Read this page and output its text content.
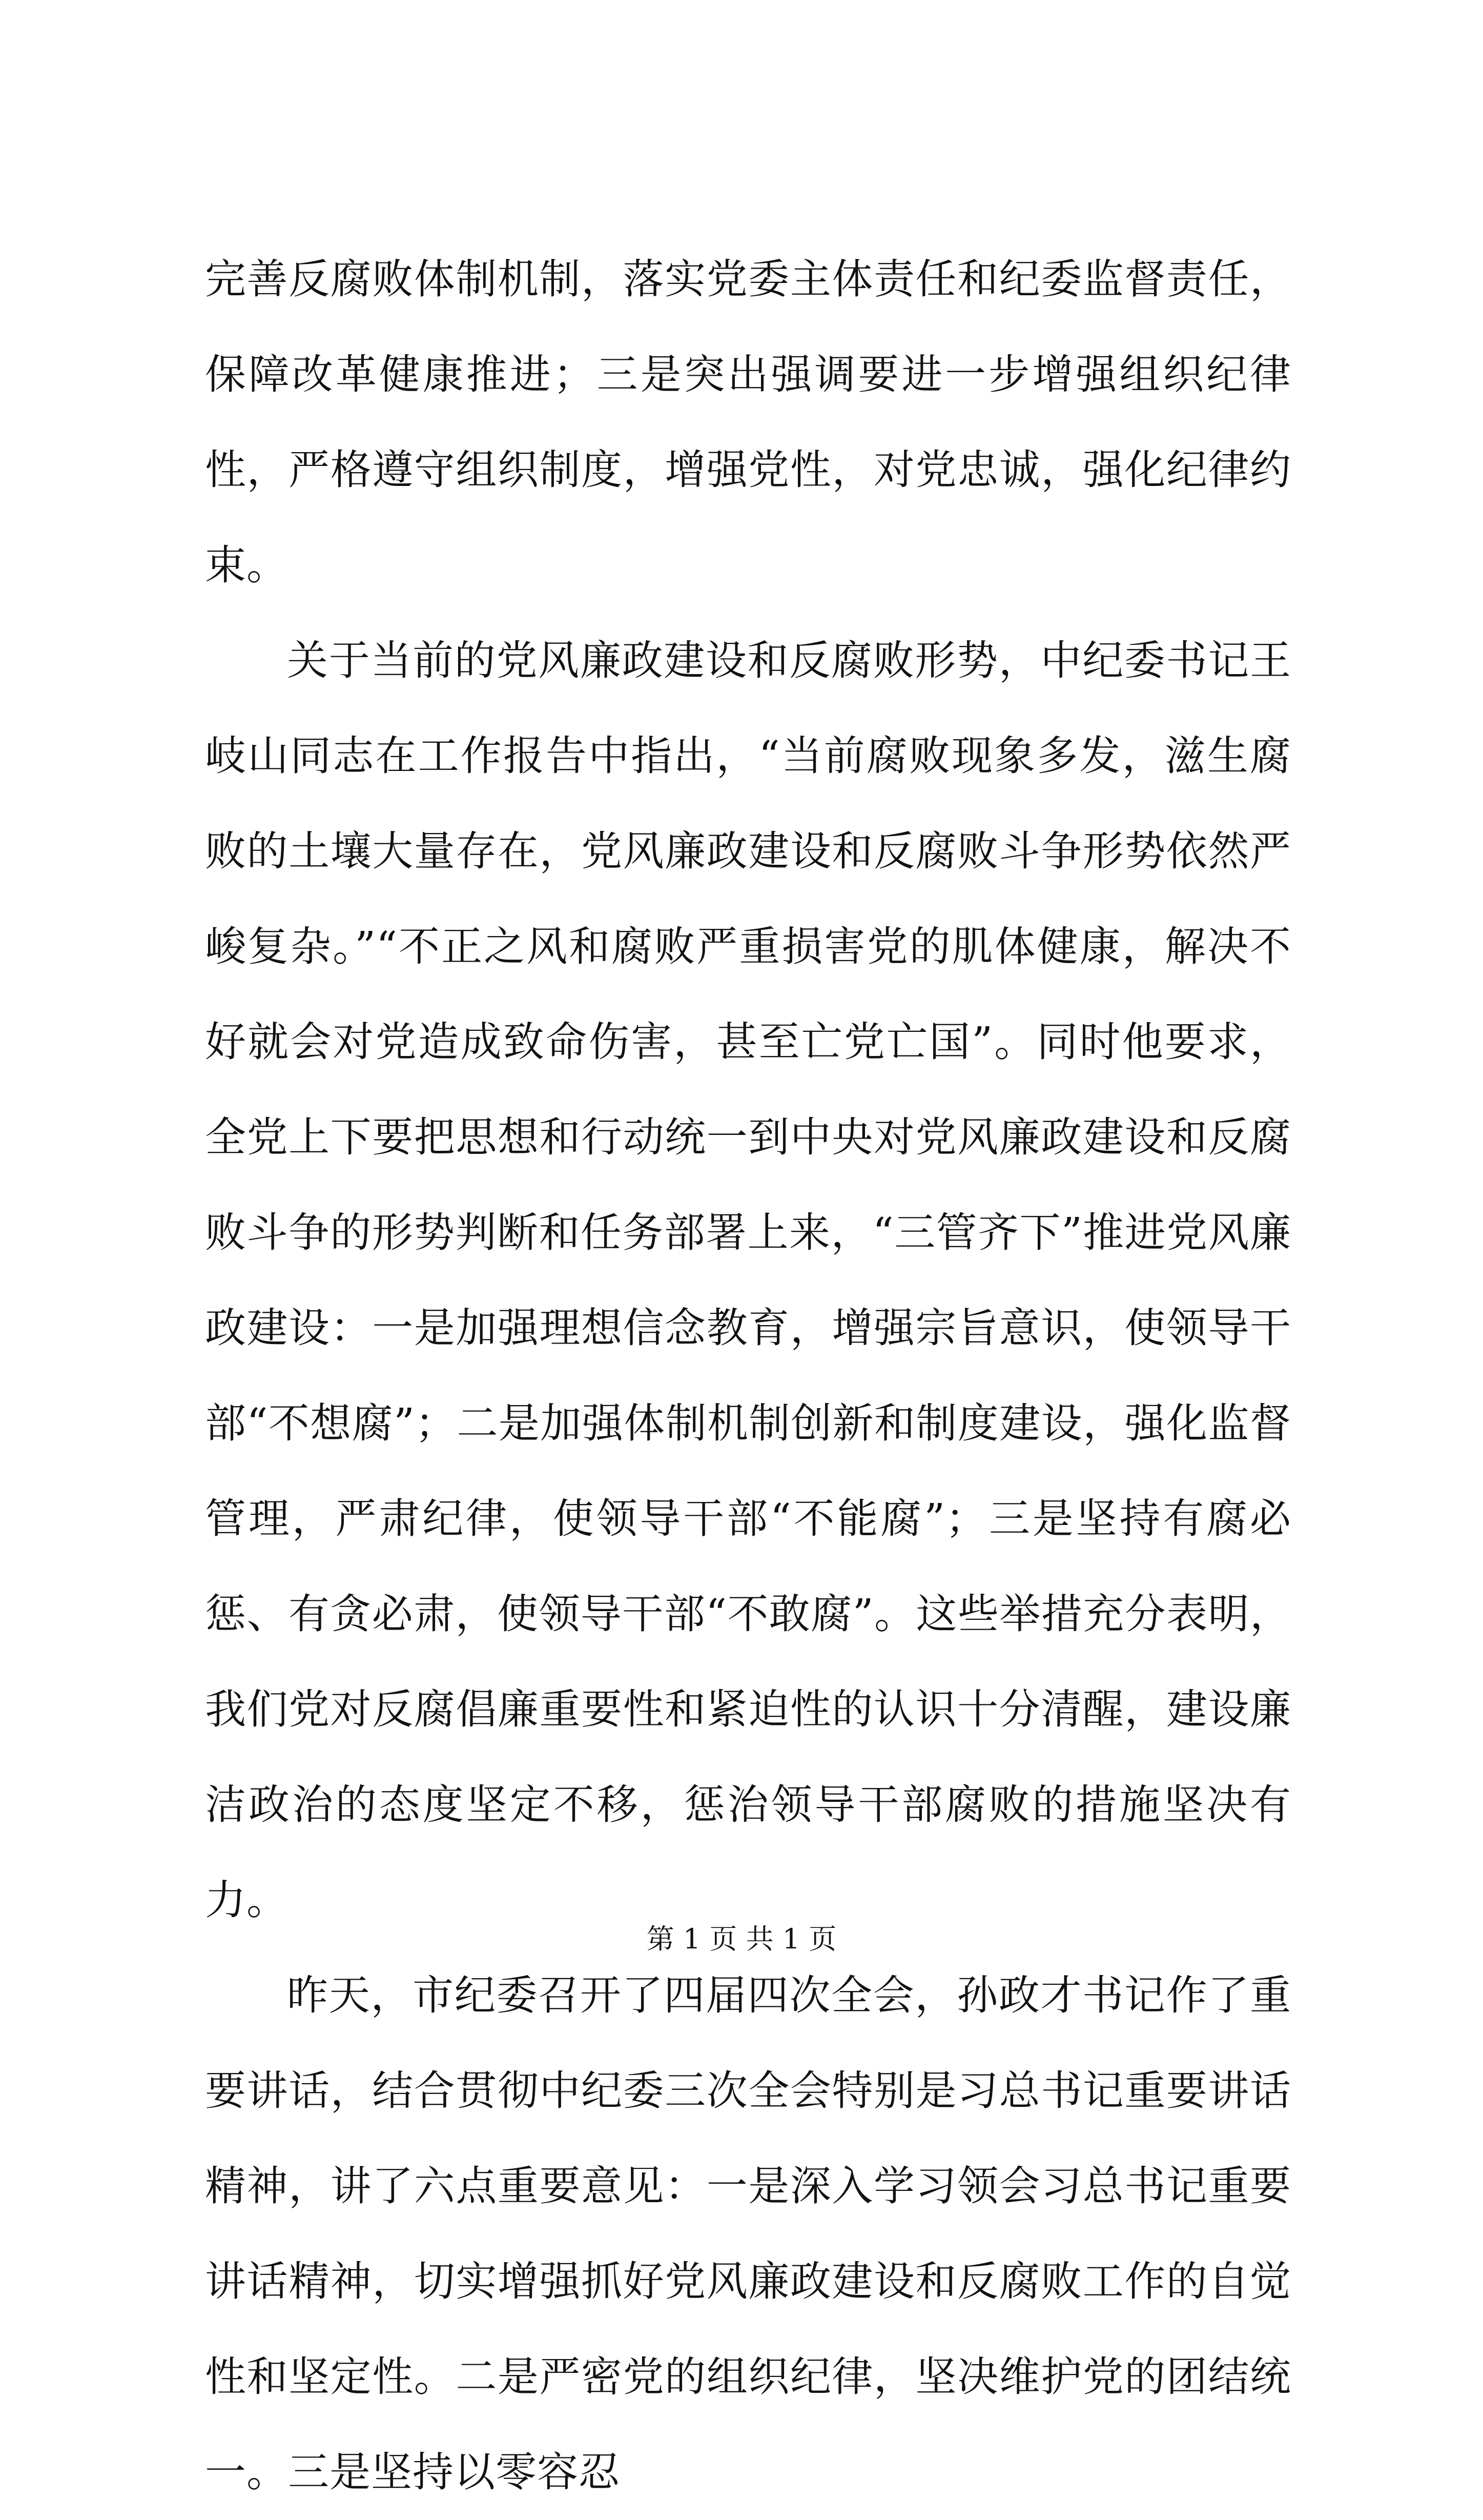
完善反腐败体制机制，落实党委主体责任和纪委监督责任，保障改革健康推进；三是突出强调要进一步增强组织纪律性，严格遵守组织制度，增强党性，对党忠诚，强化纪律约束。

关于当前的党风廉政建设和反腐败形势，中纪委书记王岐山同志在工作报告中指出，“当前腐败现象多发，滋生腐败的土壤大量存在，党风廉政建设和反腐败斗争形势依然严峻复杂。”“不正之风和腐败严重损害党的肌体健康，解决不好就会对党造成致命伤害，甚至亡党亡国”。同时他要求，全党上下要把思想和行动统一到中央对党风廉政建设和反腐败斗争的形势判断和任务部署上来，“三管齐下”推进党风廉政建设：一是加强理想信念教育，增强宗旨意识，使领导干部“不想腐”；二是加强体制机制创新和制度建设，强化监督管理，严肃纪律，使领导干部“不能腐”；三是坚持有腐必惩、有贪必肃，使领导干部“不敢腐”。这些举措充分表明，我们党对反腐倡廉重要性和紧迫性的认识十分清醒，建设廉洁政治的态度坚定不移，惩治领导干部腐败的措施坚决有力。

昨天，市纪委召开了四届四次全会，孙政才书记作了重要讲话，结合贯彻中纪委三次全会特别是习总书记重要讲话精神，讲了六点重要意见：一是深入学习领会习总书记重要讲话精神，切实增强抓好党风廉政建设和反腐败工作的自觉性和坚定性。二是严密党的组织纪律，坚决维护党的团结统一。三是坚持以零容忍

第 1 页 共 1 页
